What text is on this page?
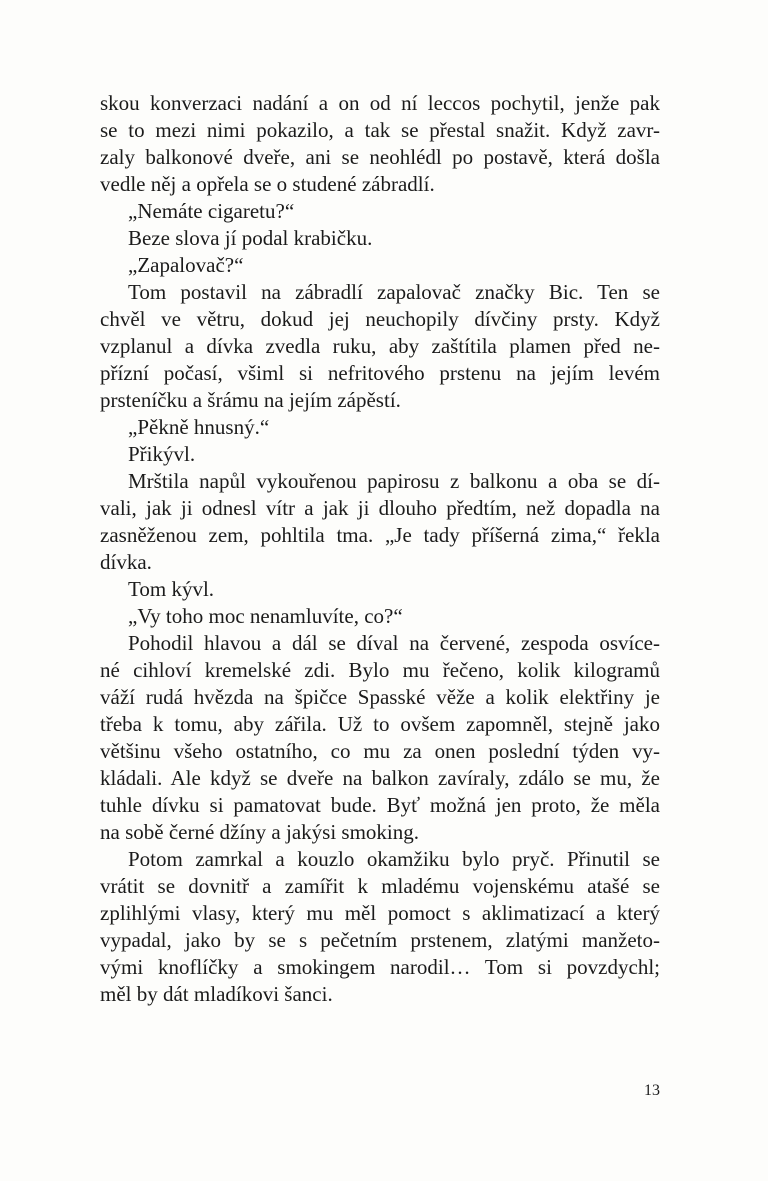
skou konverzaci nadání a on od ní leccos pochytil, jenže pak
se to mezi nimi pokazilo, a tak se přestal snažit. Když zavr-
zaly balkonové dveře, ani se neohlédl po postavě, která došla
vedle něj a opřela se o studené zábradlí.
„Nemáte cigaretu?“
Beze slova jí podal krabičku.
„Zapalovač?“
Tom postavil na zábradlí zapalovač značky Bic. Ten se
chvěl ve větru, dokud jej neuchopily dívčiny prsty. Když
vzplanul a dívka zvedla ruku, aby zaštítila plamen před ne-
přízní počasí, všiml si nefritového prstenu na jejím levém
prsteníčku a šrámu na jejím zápěstí.
„Pěkně hnusný.“
Přikývl.
Mrštila napůl vykouřenou papirosu z balkonu a oba se dí-
vali, jak ji odnesl vítr a jak ji dlouho předtím, než dopadla na
zasněženou zem, pohltila tma. „Je tady příšerná zima,“ řekla
dívka.
Tom kývl.
„Vy toho moc nenamluvíte, co?“
Pohodil hlavou a dál se díval na červené, zespoda osvíce-
né cihloví kremelské zdi. Bylo mu řečeno, kolik kilogramů
váží rudá hvězda na špičce Spasské věže a kolik elektřiny je
třeba k tomu, aby zářila. Už to ovšem zapomněl, stejně jako
většinu všeho ostatního, co mu za onen poslední týden vy-
kládali. Ale když se dveře na balkon zavíraly, zdálo se mu, že
tuhle dívku si pamatovat bude. Byť možná jen proto, že měla
na sobě černé džíny a jakýsi smoking.
Potom zamrkal a kouzlo okamžiku bylo pryč. Přinutil se
vrátit se dovnitř a zamířit k mladému vojenskému atašé se
zplihlými vlasy, který mu měl pomoct s aklimatizací a který
vypadal, jako by se s pečetním prstenem, zlatými manžeto-
vými knoflíčky a smokingem narodil… Tom si povzdychl;
měl by dát mladíkovi šanci.
13
